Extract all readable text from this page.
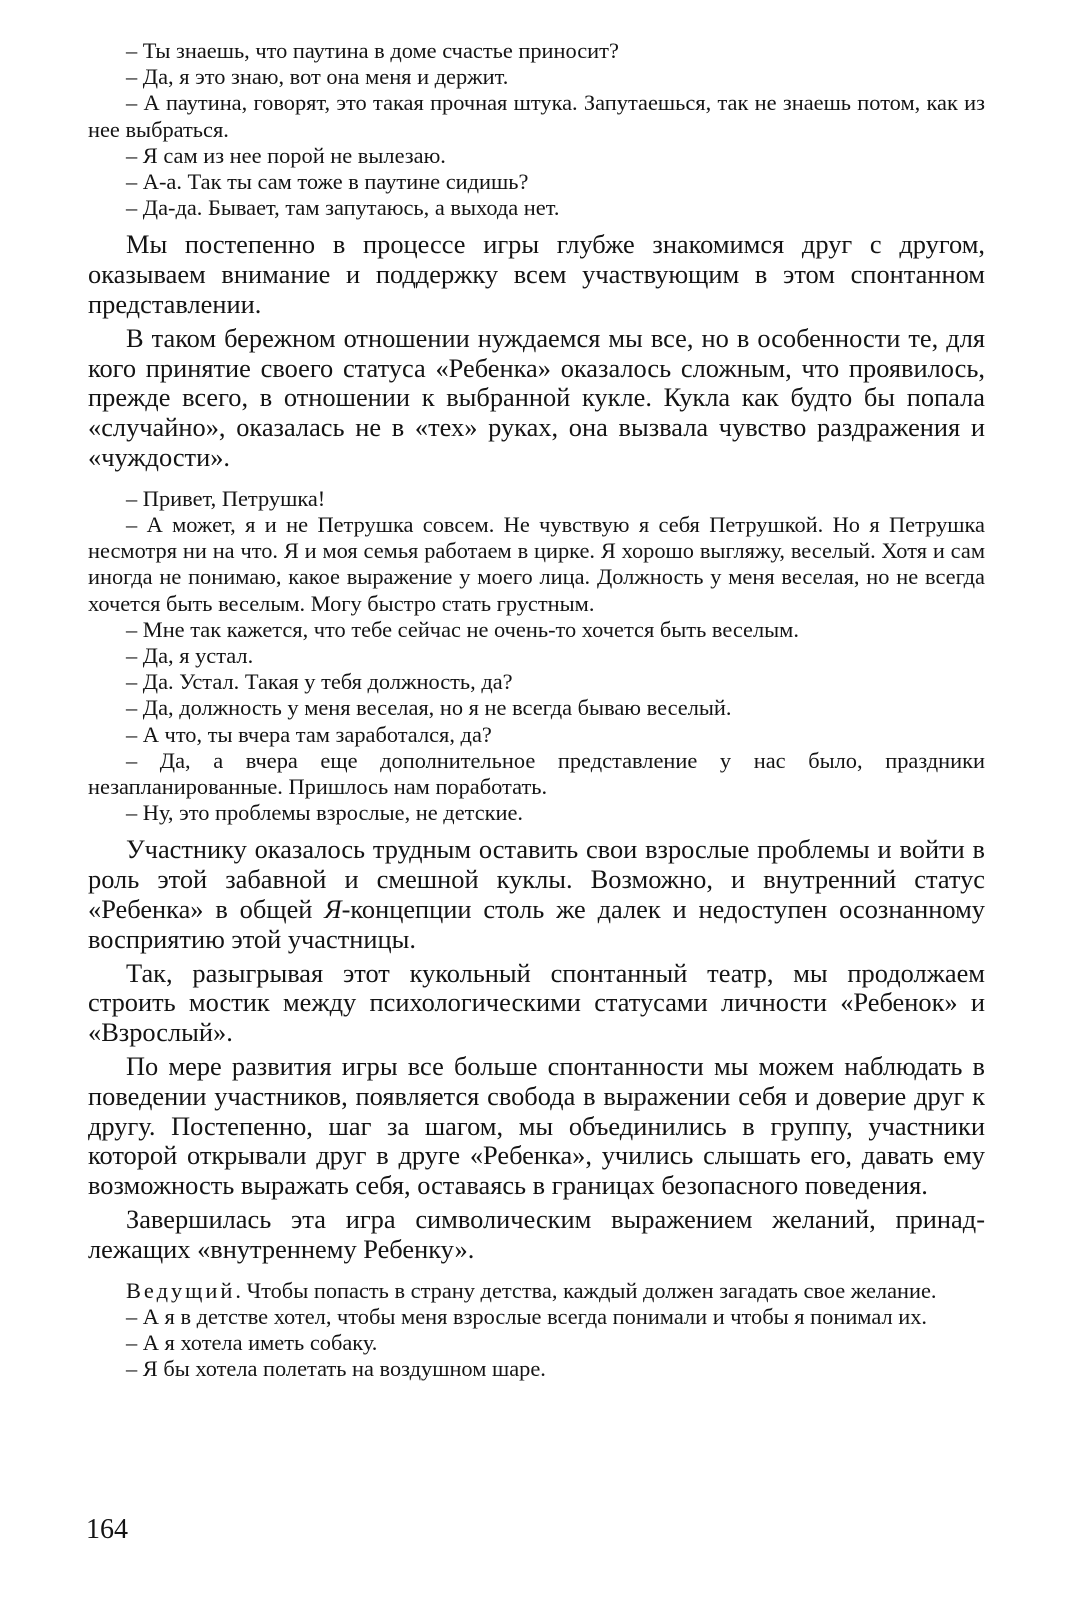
– Ты знаешь, что паутина в доме счастье приносит?

– Да, я это знаю, вот она меня и держит.

– А паутина, говорят, это такая прочная штука. Запутаешься, так не знаешь потом, как из нее выбраться.

– Я сам из нее порой не вылезаю.

– А-а. Так ты сам тоже в паутине сидишь?

– Да-да. Бывает, там запутаюсь, а выхода нет.

Мы постепенно в процессе игры глубже знакомимся друг с другом, оказываем внимание и поддержку всем участвующим в этом спонтанном представлении.

В таком бережном отношении нуждаемся мы все, но в особенности те, для кого принятие своего статуса «Ребенка» оказалось сложным, что проявилось, прежде всего, в отношении к выбранной кукле. Кукла как будто бы попала «случайно», оказалась не в «тех» руках, она вызвала чувство раздражения и «чуждости».

– Привет, Петрушка!

– А может, я и не Петрушка совсем. Не чувствую я себя Петрушкой. Но я Петрушка несмотря ни на что. Я и моя семья работаем в цирке. Я хорошо выгляжу, веселый. Хотя и сам иногда не понимаю, какое выражение у моего лица. Должность у меня веселая, но не всегда хочется быть веселым. Могу быстро стать грустным.

– Мне так кажется, что тебе сейчас не очень-то хочется быть веселым.

– Да, я устал.

– Да. Устал. Такая у тебя должность, да?

– Да, должность у меня веселая, но я не всегда бываю веселый.

– А что, ты вчера там заработался, да?

– Да, а вчера еще дополнительное представление у нас было, праздники незапланированные. Пришлось нам поработать.

– Ну, это проблемы взрослые, не детские.

Участнику оказалось трудным оставить свои взрослые проблемы и войти в роль этой забавной и смешной куклы. Возможно, и внутренний статус «Ребенка» в общей Я-концепции столь же далек и недоступен осознанному восприятию этой участницы.

Так, разыгрывая этот кукольный спонтанный театр, мы продолжаем строить мостик между психологическими статусами личности «Ребенок» и «Взрослый».

По мере развития игры все больше спонтанности мы можем наблюдать в поведении участников, появляется свобода в выражении себя и доверие друг к другу. Постепенно, шаг за шагом, мы объединились в группу, участники которой открывали друг в друге «Ребенка», учились слышать его, давать ему возможность выражать себя, оставаясь в границах безопасного поведения.

Завершилась эта игра символическим выражением желаний, принадлежащих «внутреннему Ребенку».

Ведущий. Чтобы попасть в страну детства, каждый должен загадать свое желание.

– А я в детстве хотел, чтобы меня взрослые всегда понимали и чтобы я понимал их.

– А я хотела иметь собаку.

– Я бы хотела полетать на воздушном шаре.

164
